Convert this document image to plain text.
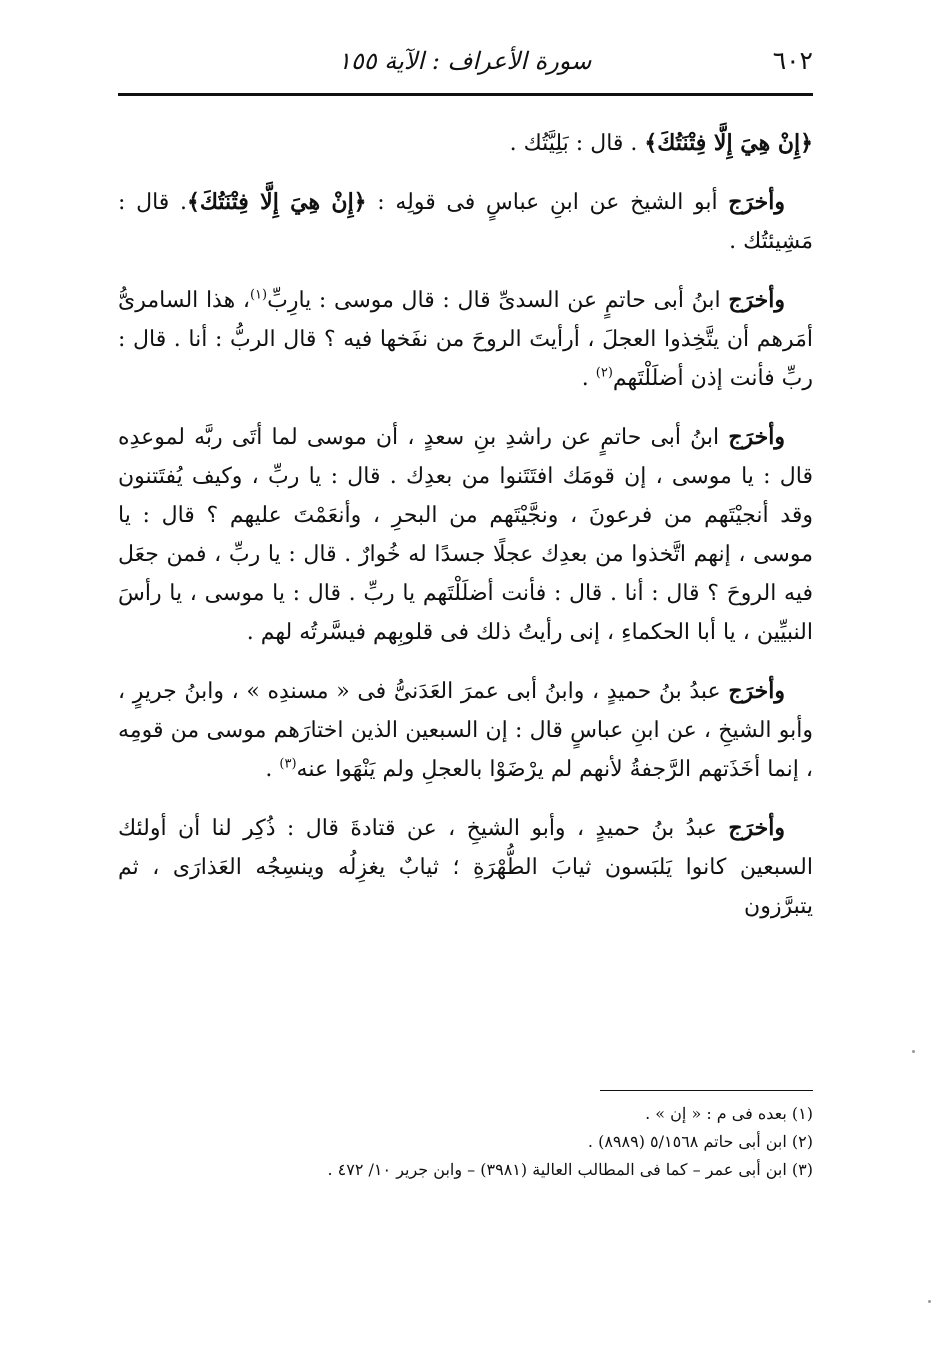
٦٠٢
سورة الأعراف : الآية ١٥٥

﴿إِنْ هِيَ إِلَّا فِتْنَتُكَ﴾ . قال : بَلِيَّتُك .

وأخرَج أبو الشيخ عن ابنِ عباسٍ فى قولِه : ﴿إِنْ هِيَ إِلَّا فِتْنَتُكَ﴾. قال : مَشِيئتُك .

وأخرَج ابنُ أبى حاتمٍ عن السدىِّ قال : قال موسى : يارِبِّ$^{(١)}$، هذا السامرىُّ أمَرهم أن يتَّخِذوا العجلَ ، أرأيتَ الروحَ من نفَخها فيه ؟ قال الربُّ : أنا . قال : ربِّ فأنت إذن أضلَلْتَهم$^{(٢)}$ .

وأخرَج ابنُ أبى حاتمٍ عن راشدِ بنِ سعدٍ ، أن موسى لما أتَى ربَّه لموعدِه قال : يا موسى ، إن قومَك افتَتَنوا من بعدِك . قال : يا ربِّ ، وكيف يُفتَتنون وقد أنجيْتَهم من فرعونَ ، ونجَّيْتَهم من البحرِ ، وأنعَمْتَ عليهم ؟ قال : يا موسى ، إنهم اتَّخذوا من بعدِك عجلًا جسدًا له خُوارٌ . قال : يا ربِّ ، فمن جعَل فيه الروحَ ؟ قال : أنا . قال : فأنت أضلَلْتَهم يا ربِّ . قال : يا موسى ، يا رأسَ النبيِّين ، يا أبا الحكماءِ ، إنى رأيتُ ذلك فى قلوبِهم فيسَّرتُه لهم .

وأخرَج عبدُ بنُ حميدٍ ، وابنُ أبى عمرَ العَدَنىُّ فى « مسندِه » ، وابنُ جريرٍ ، وأبو الشيخِ ، عن ابنِ عباسٍ قال : إن السبعين الذين اختارَهم موسى من قومِه ، إنما أخَذَتهم الرَّجفةُ لأنهم لم يرْضَوْا بالعجلِ ولم يَنْهَوا عنه$^{(٣)}$ .

وأخرَج عبدُ بنُ حميدٍ ، وأبو الشيخِ ، عن قتادةَ قال : ذُكِر لنا أن أولئك السبعين كانوا يَلبَسون ثيابَ الطُّهْرَةِ ؛ ثيابٌ يغزِلُه وينسِجُه العَذارَى ، ثم يتبرَّزون

(١) بعده فى م : « إن » .

(٢) ابن أبى حاتم ٥/١٥٦٨ (٨٩٨٩) .

(٣) ابن أبى عمر – كما فى المطالب العالية (٣٩٨١) – وابن جرير ١٠/ ٤٧٢ .
